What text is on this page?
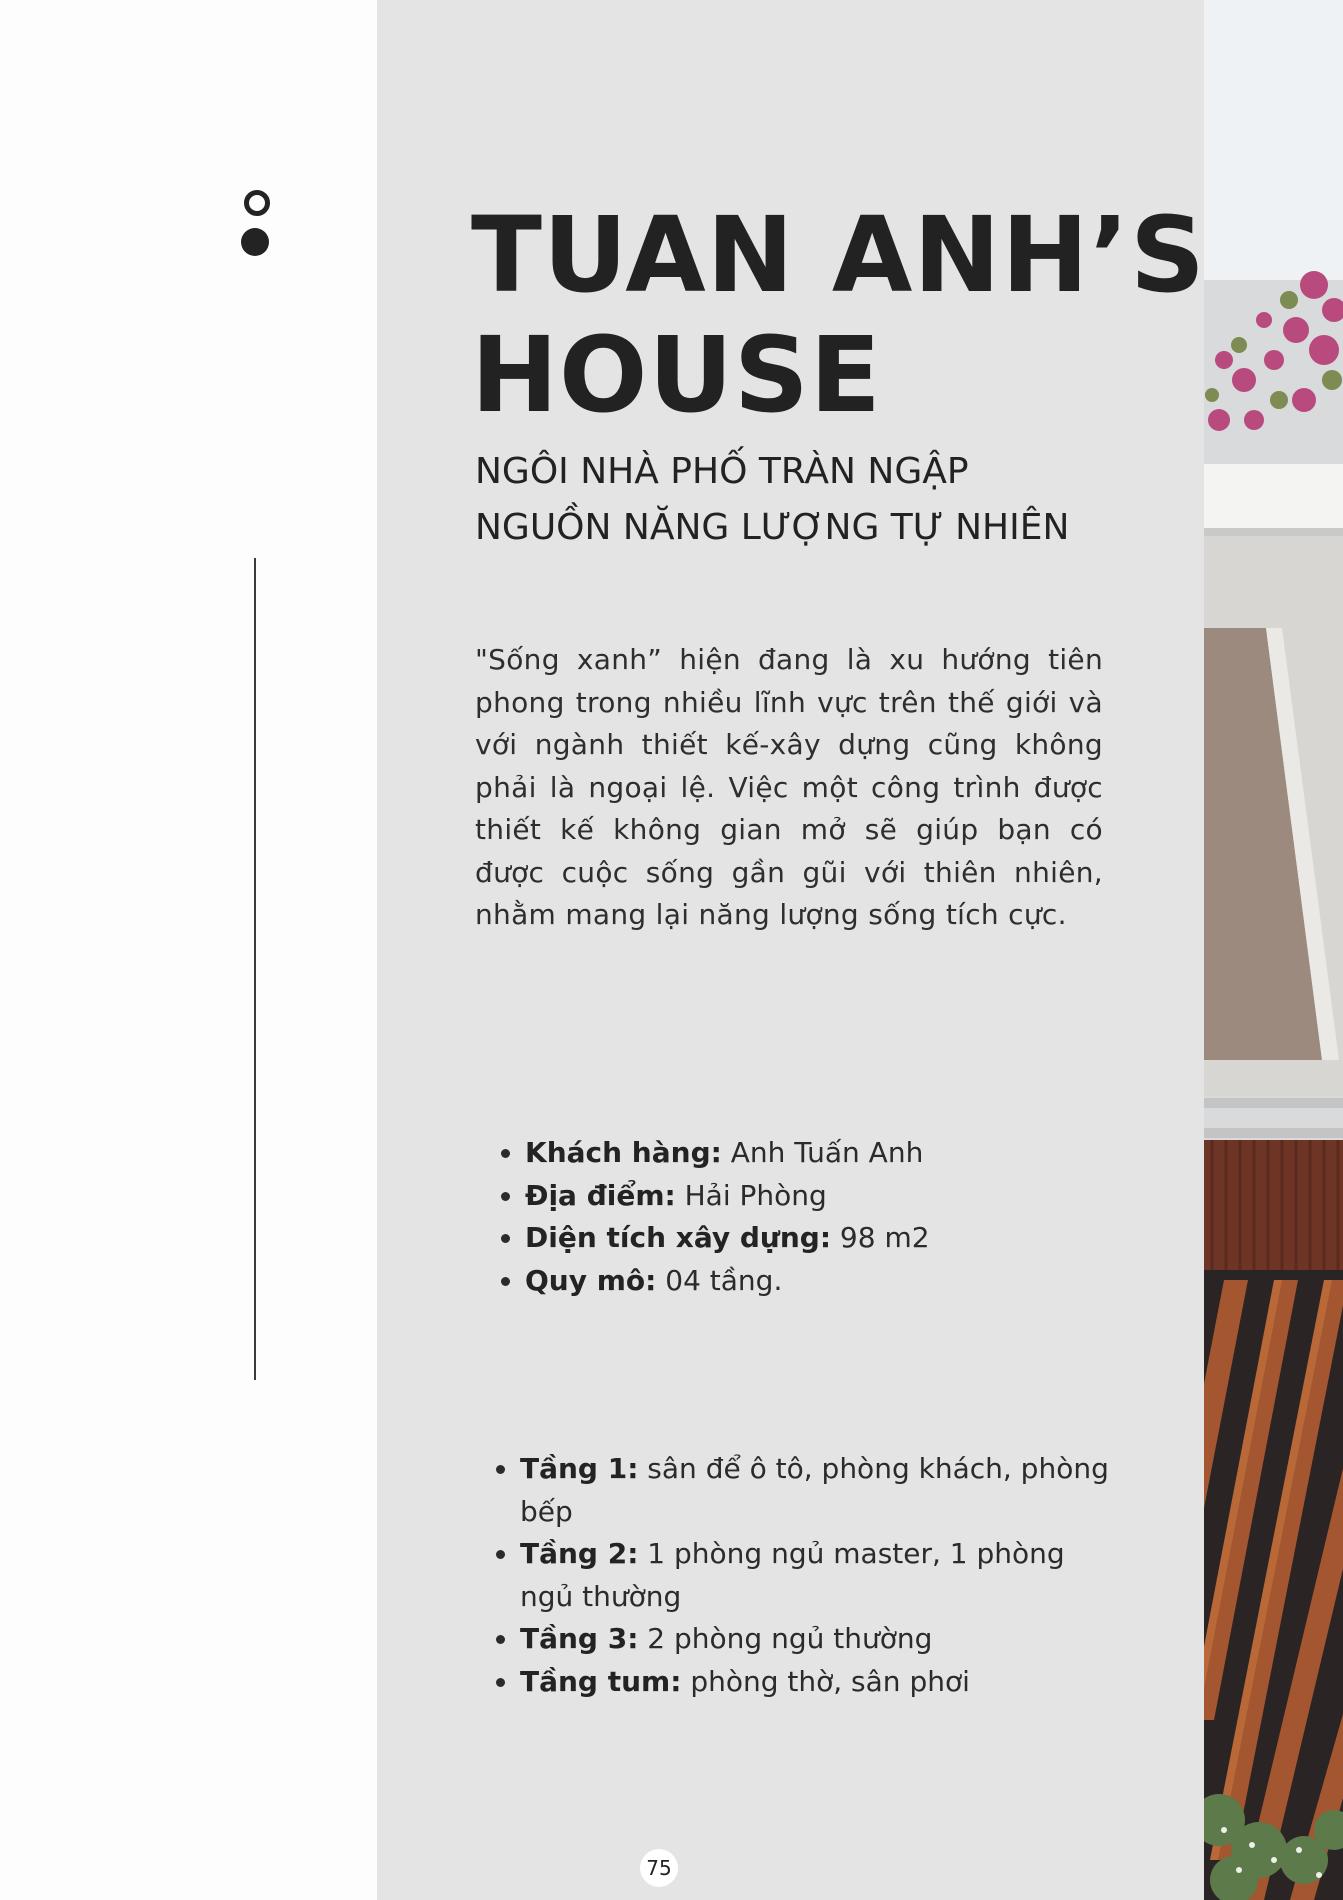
TUAN ANH’S
HOUSE
NGÔI NHÀ PHỐ TRÀN NGẬP
NGUỒN NĂNG LƯỢNG TỰ NHIÊN

"Sống xanh” hiện đang là xu hướng tiên phong trong nhiều lĩnh vực trên thế giới và với ngành thiết kế-xây dựng cũng không phải là ngoại lệ. Việc một công trình được thiết kế không gian mở sẽ giúp bạn có được cuộc sống gần gũi với thiên nhiên, nhằm mang lại năng lượng sống tích cực.

• Khách hàng: Anh Tuấn Anh
• Địa điểm: Hải Phòng
• Diện tích xây dựng: 98 m2
• Quy mô: 04 tầng.
• Tầng 1: sân để ô tô, phòng khách, phòng bếp
• Tầng 2: 1 phòng ngủ master, 1 phòng ngủ thường
• Tầng 3: 2 phòng ngủ thường
• Tầng tum: phòng thờ, sân phơi
75
